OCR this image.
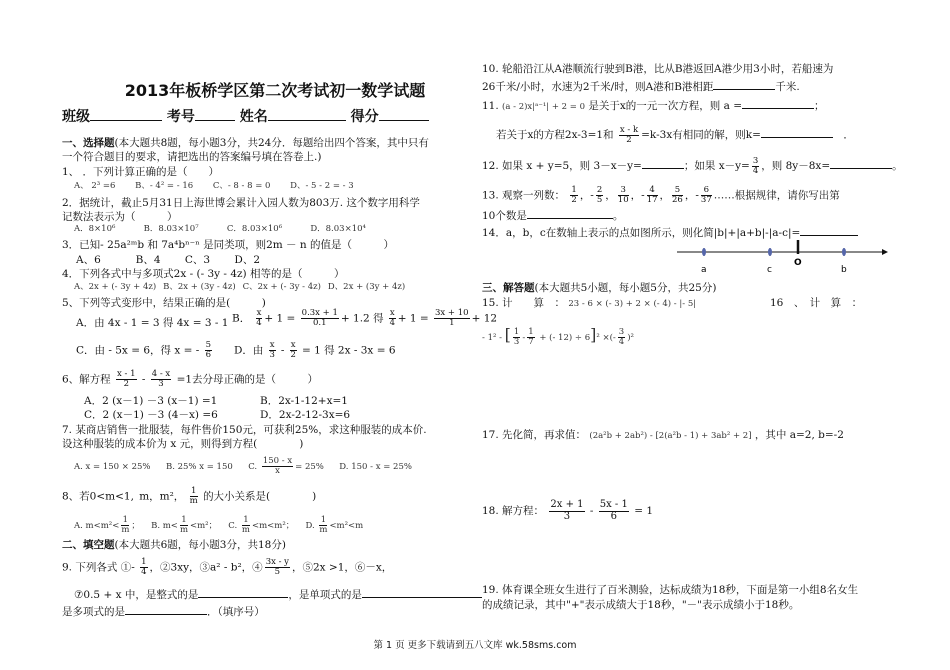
2013年板桥学区第二次考试初一数学试题
班级	考号	姓名	得分
一、选择题(本大题共8题，每小题3分，共24分．每题给出四个答案，其中只有
一个符合题目的要求，请把选出的答案编号填在答卷上.)
1、 ．下列计算正确的是（　　）
A、 2³ =6   B、- 4² = - 16   C、- 8 - 8 = 0   D、- 5 - 2 = - 3
2．据统计，截止5月31日上海世博会累计入园人数为803万. 这个数字用科学
记数法表示为（　　　）
A．8×10⁶   	B．8.03×10⁷   	C．8.03×10⁶   	D．8.03×10⁴
3．已知- 25a²ᵐb 和 7a⁴bⁿ⁻ⁿ 是同类项，则2m － n 的值是（　　　）
A、6   	B、4   C、3   D、2
4．下列各式中与多项式2x - (- 3y - 4z) 相等的是（　　　）
A、2x + (- 3y + 4z)  B、2x + (3y - 4z)  C、2x + (- 3y - 4z)  D、2x + (3y + 4z)
5、下列等式变形中，结果正确的是(　　　)
A．由 4x - 1 = 3 得 4x = 3 - 1 B． $\frac{x}{4} + 1 = \frac{0.3x + 1}{0.1} + 1.2$ 得 $\frac{x}{4} + 1 = \frac{3x + 10}{1} + 12$
C．由 - 5x = 6，得 x = - $\frac{5}{6}$ D．由 $\frac{x}{3} - \frac{x}{2} = 1$ 得 2x - 3x = 6
6、解方程 $\frac{x - 1}{2} - \frac{4 - x}{3} =1$去分母正确的是（　　　）
A．2 (x－1) －3 (x－1) =1	B．2x-1-12+x=1
C．2 (x－1) －3 (4－x) =6	D．2x-2-12-3x=6
7. 某商店销售一批服装，每件售价150元，可获利25%，求这种服装的成本价.
设这种服装的成本价为 x 元，则得到方程(　　　　)
A. x = 150 × 25%   B. 25% x = 150   C. $\frac{150 - x}{x} = 25\%$   D. 150 - x = 25%
8、若0<m<1, m，m²， $\frac{1}{m}$ 的大小关系是(　　　　)
A. $m<m^2< \frac{1}{m}$ ；  B. $m< \frac{1}{m} <m^2$；  C. $\frac{1}{m} <m<m^2$；  D. $\frac{1}{m} <m^2<m$
二、填空题(本大题共6题，每小题3分，共18分)
9. 下列各式 ①- $\frac{1}{4}$ ，②3xy，③a² - b²，④ $\frac{3x - y}{5}$ ，⑤2x >1，⑥－x，
⑦0.5 + x 中，是整式的是	，是单项式的是
是多项式的是	．（填序号）
10. 轮船沿江从A港顺流行驶到B港，比从B港返回A港少用3小时，若船速为
26千米/小时，水速为2千米/时，则A港和B港相距	千米.
11. (a - 2)x|ᵃ⁻¹| + 2 = 0 是关于x的一元一次方程，则 a =	；
若关于x的方程2x-3=1和 $\frac{x - k}{2} =k-3x$有相同的解，则k= 	．
12. 如果 x + y=5，则 3－x－y=	；如果 $x-y= \frac{3}{4}$ ，则 8y－8x=	。
13. 观察一列数： $\frac{1}{2}$ ，- $\frac{2}{5}$ ， $\frac{3}{10}$ ，- $\frac{4}{17}$ ， $\frac{5}{26}$ ，- $\frac{6}{37}$ ……根据规律，请你写出第
10个数是	。
14．a，b，c在数轴上表示的点如图所示，则化简|b|+|a+b|-|a-c|=
a	c
O
b
三、解答题(本大题共5小题，每小题5分，共25分)
15. 计　　算　： 23 - 6 × (- 3) + 2 × (- 4) - |- 5|	16　、　计　算　：
- 1² - [ $\frac{1}{3} - \frac{1}{7}$ + (- 12) ÷ 6]² ×(- $\frac{3}{4} )^2$
17. 先化简，再求值： (2a²b + 2ab²) - [2(a²b - 1) + 3ab² + 2] ，其中 a=2, b=-2
18. 解方程： $\frac{2x + 1}{3} - \frac{5x - 1}{6} = 1$
19. 体育课全班女生进行了百米测验，达标成绩为18秒，下面是第一小组8名女生
的成绩记录，其中"+"表示成绩大于18秒，"－"表示成绩小于18秒。
第 1 页 更多下载请到五八文库 wk.58sms.com
